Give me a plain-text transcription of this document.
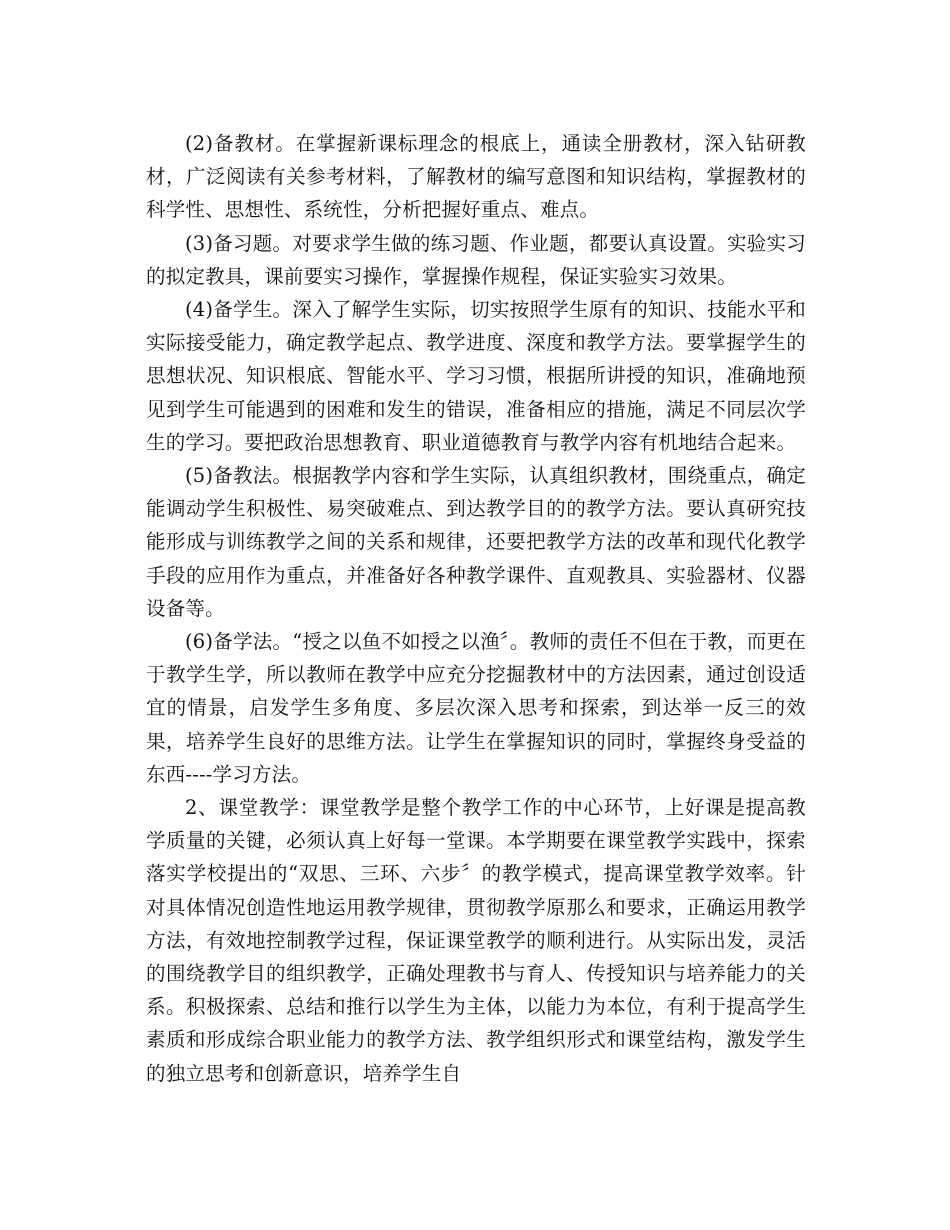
(2)备教材。在掌握新课标理念的根底上，通读全册教材，深入钻研教材，广泛阅读有关参考材料，了解教材的编写意图和知识结构，掌握教材的科学性、思想性、系统性，分析把握好重点、难点。

(3)备习题。对要求学生做的练习题、作业题，都要认真设置。实验实习的拟定教具，课前要实习操作，掌握操作规程，保证实验实习效果。

(4)备学生。深入了解学生实际，切实按照学生原有的知识、技能水平和实际接受能力，确定教学起点、教学进度、深度和教学方法。要掌握学生的思想状况、知识根底、智能水平、学习习惯，根据所讲授的知识，准确地预见到学生可能遇到的困难和发生的错误，准备相应的措施，满足不同层次学生的学习。要把政治思想教育、职业道德教育与教学内容有机地结合起来。

(5)备教法。根据教学内容和学生实际，认真组织教材，围绕重点，确定能调动学生积极性、易突破难点、到达教学目的的教学方法。要认真研究技能形成与训练教学之间的关系和规律，还要把教学方法的改革和现代化教学手段的应用作为重点，并准备好各种教学课件、直观教具、实验器材、仪器设备等。

(6)备学法。“授之以鱼不如授之以渔〞。教师的责任不但在于教，而更在于教学生学，所以教师在教学中应充分挖掘教材中的方法因素，通过创设适宜的情景，启发学生多角度、多层次深入思考和探索，到达举一反三的效果，培养学生良好的思维方法。让学生在掌握知识的同时，掌握终身受益的东西----学习方法。

2、课堂教学：课堂教学是整个教学工作的中心环节，上好课是提高教学质量的关键，必须认真上好每一堂课。本学期要在课堂教学实践中，探索落实学校提出的“双思、三环、六步〞的教学模式，提高课堂教学效率。针对具体情况创造性地运用教学规律，贯彻教学原那么和要求，正确运用教学方法，有效地控制教学过程，保证课堂教学的顺利进行。从实际出发，灵活的围绕教学目的组织教学，正确处理教书与育人、传授知识与培养能力的关系。积极探索、总结和推行以学生为主体，以能力为本位，有利于提高学生素质和形成综合职业能力的教学方法、教学组织形式和课堂结构，激发学生的独立思考和创新意识，培养学生自
